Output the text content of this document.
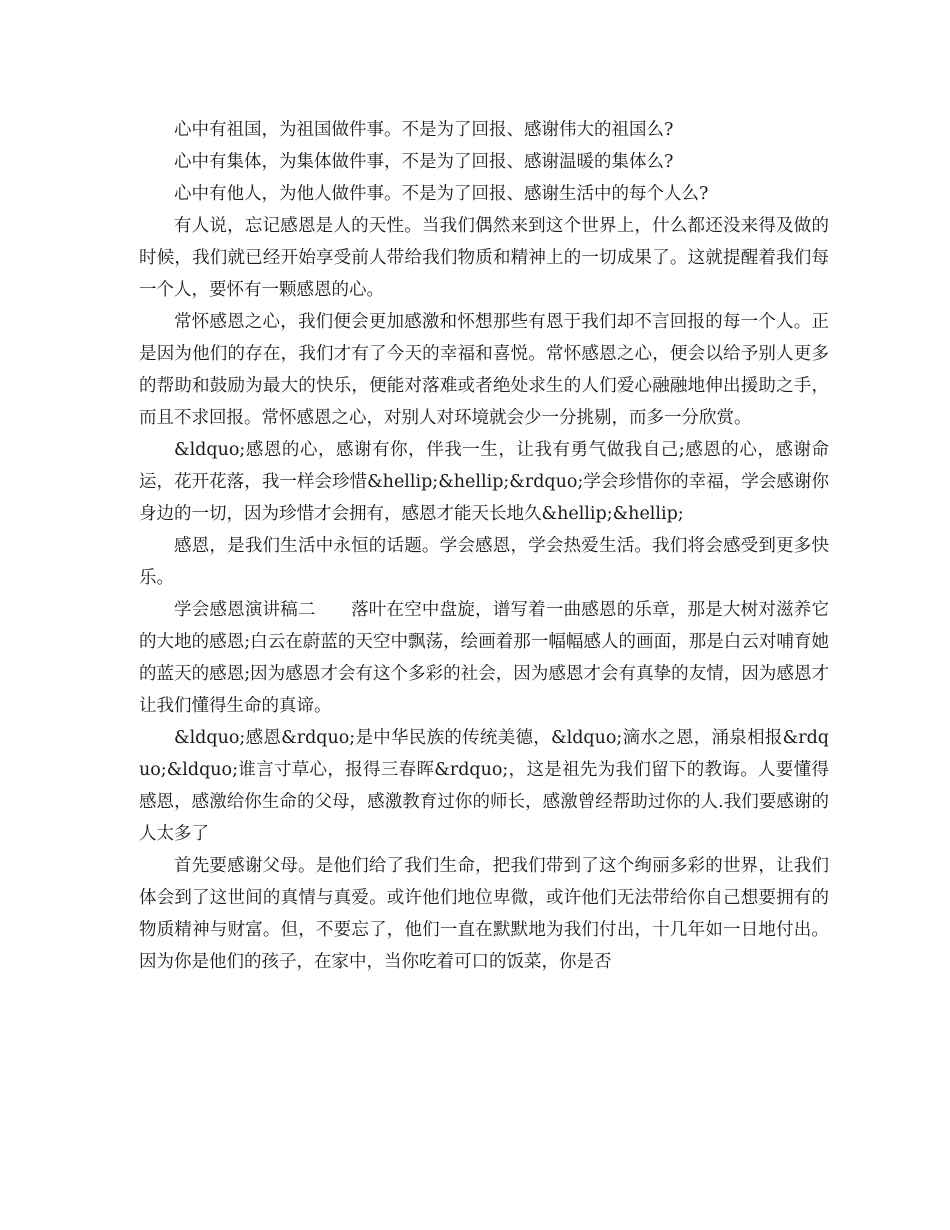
心中有祖国，为祖国做件事。不是为了回报、感谢伟大的祖国么?

心中有集体，为集体做件事，不是为了回报、感谢温暖的集体么?

心中有他人，为他人做件事。不是为了回报、感谢生活中的每个人么?

有人说，忘记感恩是人的天性。当我们偶然来到这个世界上，什么都还没来得及做的时候，我们就已经开始享受前人带给我们物质和精神上的一切成果了。这就提醒着我们每一个人，要怀有一颗感恩的心。

常怀感恩之心，我们便会更加感激和怀想那些有恩于我们却不言回报的每一个人。正是因为他们的存在，我们才有了今天的幸福和喜悦。常怀感恩之心，便会以给予别人更多的帮助和鼓励为最大的快乐，便能对落难或者绝处求生的人们爱心融融地伸出援助之手，而且不求回报。常怀感恩之心，对别人对环境就会少一分挑剔，而多一分欣赏。

&ldquo;感恩的心，感谢有你，伴我一生，让我有勇气做我自己;感恩的心，感谢命运，花开花落，我一样会珍惜&hellip;&hellip;&rdquo;学会珍惜你的幸福，学会感谢你身边的一切，因为珍惜才会拥有，感恩才能天长地久&hellip;&hellip;

感恩，是我们生活中永恒的话题。学会感恩，学会热爱生活。我们将会感受到更多快乐。

学会感恩演讲稿二　　落叶在空中盘旋，谱写着一曲感恩的乐章，那是大树对滋养它的大地的感恩;白云在蔚蓝的天空中飘荡，绘画着那一幅幅感人的画面，那是白云对哺育她的蓝天的感恩;因为感恩才会有这个多彩的社会，因为感恩才会有真挚的友情，因为感恩才让我们懂得生命的真谛。

&ldquo;感恩&rdquo;是中华民族的传统美德，&ldquo;滴水之恩，涌泉相报&rdquo;&ldquo;谁言寸草心，报得三春晖&rdquo;，这是祖先为我们留下的教诲。人要懂得感恩，感激给你生命的父母，感激教育过你的师长，感激曾经帮助过你的人.我们要感谢的人太多了

首先要感谢父母。是他们给了我们生命，把我们带到了这个绚丽多彩的世界，让我们体会到了这世间的真情与真爱。或许他们地位卑微，或许他们无法带给你自己想要拥有的物质精神与财富。但，不要忘了，他们一直在默默地为我们付出，十几年如一日地付出。因为你是他们的孩子，在家中，当你吃着可口的饭菜，你是否
